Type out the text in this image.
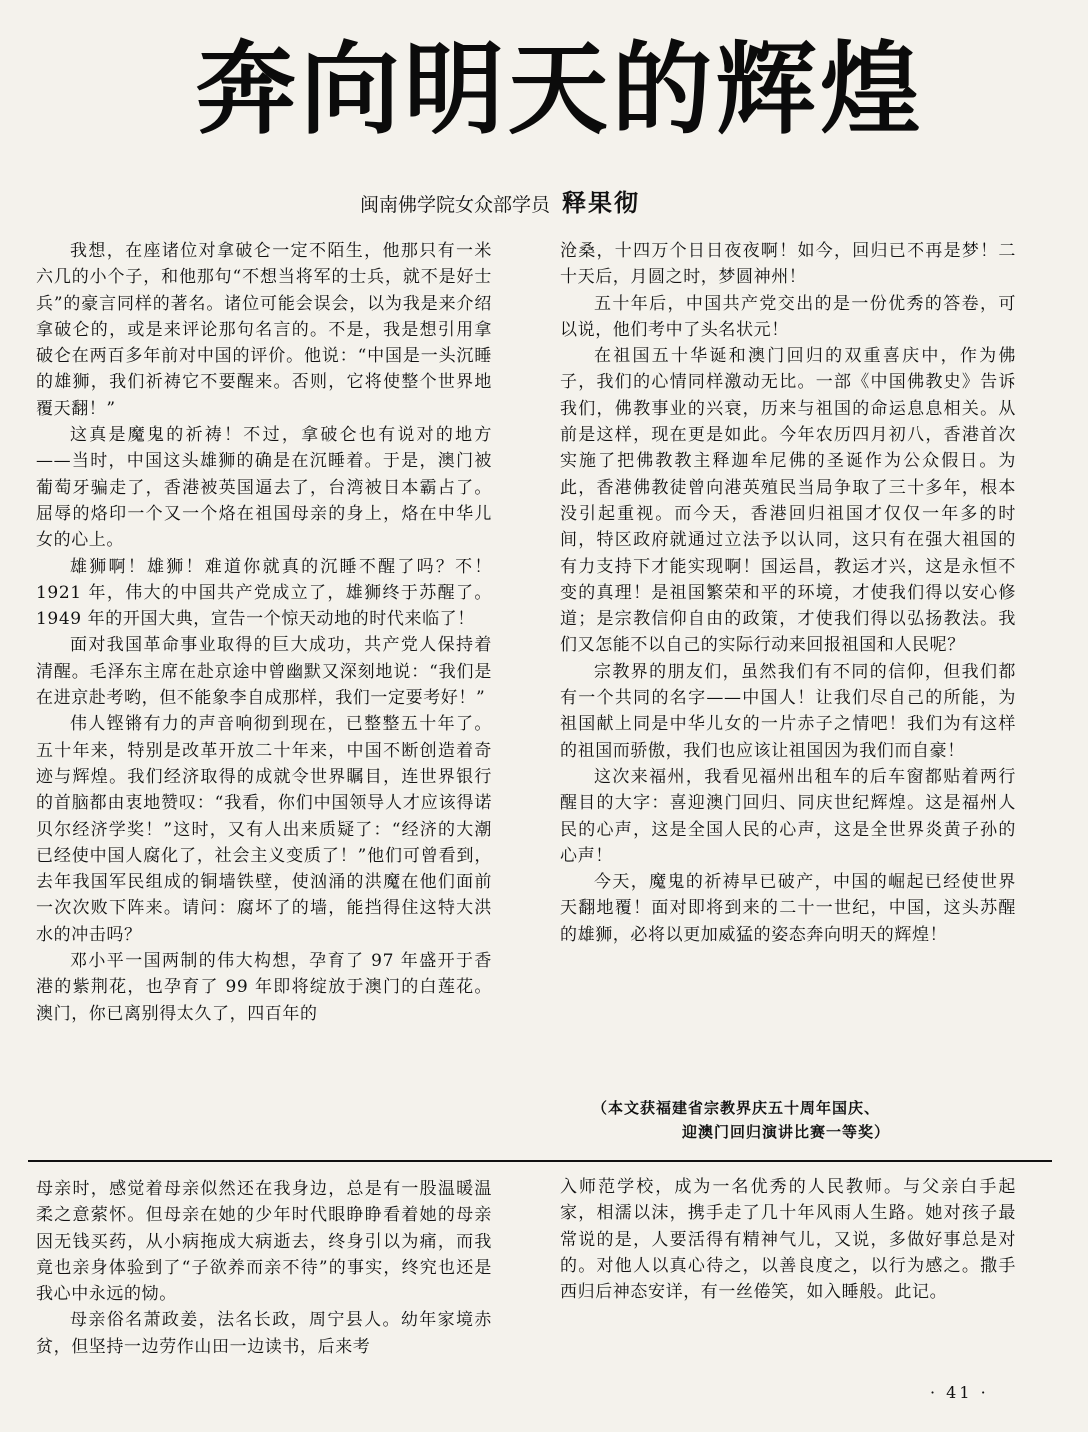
奔向明天的辉煌
闽南佛学院女众部学员 释果彻

我想，在座诸位对拿破仑一定不陌生，他那只有一米六几的小个子，和他那句“不想当将军的士兵，就不是好士兵”的豪言同样的著名。诸位可能会误会，以为我是来介绍拿破仑的，或是来评论那句名言的。不是，我是想引用拿破仑在两百多年前对中国的评价。他说：“中国是一头沉睡的雄狮，我们祈祷它不要醒来。否则，它将使整个世界地覆天翻！”

这真是魔鬼的祈祷！不过，拿破仑也有说对的地方——当时，中国这头雄狮的确是在沉睡着。于是，澳门被葡萄牙骗走了，香港被英国逼去了，台湾被日本霸占了。屈辱的烙印一个又一个烙在祖国母亲的身上，烙在中华儿女的心上。

雄狮啊！雄狮！难道你就真的沉睡不醒了吗？不！1921 年，伟大的中国共产党成立了，雄狮终于苏醒了。1949 年的开国大典，宣告一个惊天动地的时代来临了！

面对我国革命事业取得的巨大成功，共产党人保持着清醒。毛泽东主席在赴京途中曾幽默又深刻地说：“我们是在进京赴考哟，但不能象李自成那样，我们一定要考好！”

伟人铿锵有力的声音响彻到现在，已整整五十年了。五十年来，特别是改革开放二十年来，中国不断创造着奇迹与辉煌。我们经济取得的成就令世界瞩目，连世界银行的首脑都由衷地赞叹：“我看，你们中国领导人才应该得诺贝尔经济学奖！”这时，又有人出来质疑了：“经济的大潮已经使中国人腐化了，社会主义变质了！”他们可曾看到，去年我国军民组成的铜墙铁壁，使汹涌的洪魔在他们面前一次次败下阵来。请问：腐坏了的墙，能挡得住这特大洪水的冲击吗？

邓小平一国两制的伟大构想，孕育了 97 年盛开于香港的紫荆花，也孕育了 99 年即将绽放于澳门的白莲花。澳门，你已离别得太久了，四百年的

沧桑，十四万个日日夜夜啊！如今，回归已不再是梦！二十天后，月圆之时，梦圆神州！

五十年后，中国共产党交出的是一份优秀的答卷，可以说，他们考中了头名状元！

在祖国五十华诞和澳门回归的双重喜庆中，作为佛子，我们的心情同样激动无比。一部《中国佛教史》告诉我们，佛教事业的兴衰，历来与祖国的命运息息相关。从前是这样，现在更是如此。今年农历四月初八，香港首次实施了把佛教教主释迦牟尼佛的圣诞作为公众假日。为此，香港佛教徒曾向港英殖民当局争取了三十多年，根本没引起重视。而今天，香港回归祖国才仅仅一年多的时间，特区政府就通过立法予以认同，这只有在强大祖国的有力支持下才能实现啊！国运昌，教运才兴，这是永恒不变的真理！是祖国繁荣和平的环境，才使我们得以安心修道；是宗教信仰自由的政策，才使我们得以弘扬教法。我们又怎能不以自己的实际行动来回报祖国和人民呢？

宗教界的朋友们，虽然我们有不同的信仰，但我们都有一个共同的名字——中国人！让我们尽自己的所能，为祖国献上同是中华儿女的一片赤子之情吧！我们为有这样的祖国而骄傲，我们也应该让祖国因为我们而自豪！

这次来福州，我看见福州出租车的后车窗都贴着两行醒目的大字：喜迎澳门回归、同庆世纪辉煌。这是福州人民的心声，这是全国人民的心声，这是全世界炎黄子孙的心声！

今天，魔鬼的祈祷早已破产，中国的崛起已经使世界天翻地覆！面对即将到来的二十一世纪，中国，这头苏醒的雄狮，必将以更加威猛的姿态奔向明天的辉煌！

（本文获福建省宗教界庆五十周年国庆、
迎澳门回归演讲比赛一等奖）

母亲时，感觉着母亲似然还在我身边，总是有一股温暖温柔之意萦怀。但母亲在她的少年时代眼睁睁看着她的母亲因无钱买药，从小病拖成大病逝去，终身引以为痛，而我竟也亲身体验到了“子欲养而亲不待”的事实，终究也还是我心中永远的恸。

母亲俗名萧政姜，法名长政，周宁县人。幼年家境赤贫，但坚持一边劳作山田一边读书，后来考

入师范学校，成为一名优秀的人民教师。与父亲白手起家，相濡以沫，携手走了几十年风雨人生路。她对孩子最常说的是，人要活得有精神气儿，又说，多做好事总是对的。对他人以真心待之，以善良度之，以行为感之。撒手西归后神态安详，有一丝倦笑，如入睡般。此记。

· 41 ·
